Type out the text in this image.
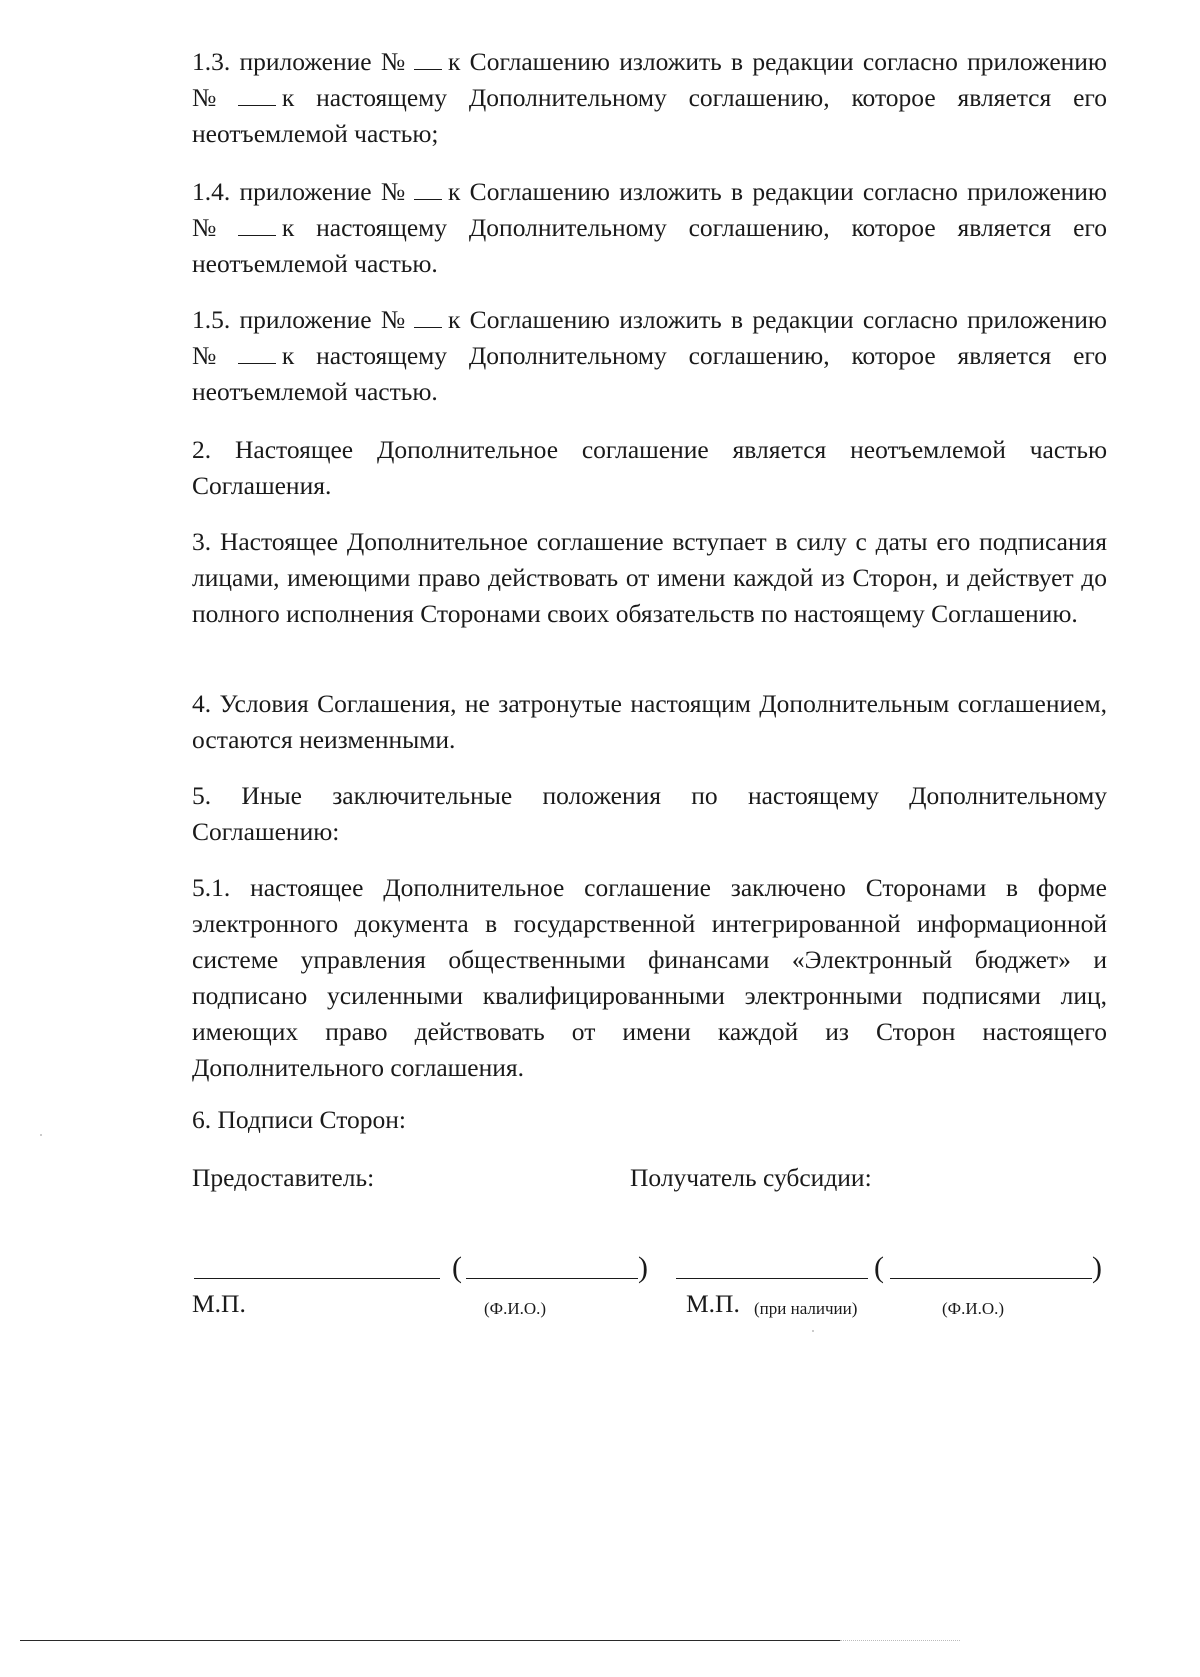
1.3. приложение № к Соглашению изложить в редакции согласно приложению № к настоящему Дополнительному соглашению, которое является его неотъемлемой частью;

1.4. приложение № к Соглашению изложить в редакции согласно приложению № к настоящему Дополнительному соглашению, которое является его неотъемлемой частью.

1.5. приложение № к Соглашению изложить в редакции согласно приложению № к настоящему Дополнительному соглашению, которое является его неотъемлемой частью.

2. Настоящее Дополнительное соглашение является неотъемлемой частью Соглашения.

3. Настоящее Дополнительное соглашение вступает в силу с даты его подписания лицами, имеющими право действовать от имени каждой из Сторон, и действует до полного исполнения Сторонами своих обязательств по настоящему Соглашению.

4. Условия Соглашения, не затронутые настоящим Дополнительным соглашением, остаются неизменными.

5. Иные заключительные положения по настоящему Дополнительному Соглашению:

5.1. настоящее Дополнительное соглашение заключено Сторонами в форме электронного документа в государственной интегрированной информационной системе управления общественными финансами «Электронный бюджет» и подписано усиленными квалифицированными электронными подписями лиц, имеющих право действовать от имени каждой из Сторон настоящего Дополнительного соглашения.

6. Подписи Сторон:

Предоставитель:	Получатель субсидии:

(	)	(	)

М.П.	(Ф.И.О.)	М.П. (при наличии)	(Ф.И.О.)
